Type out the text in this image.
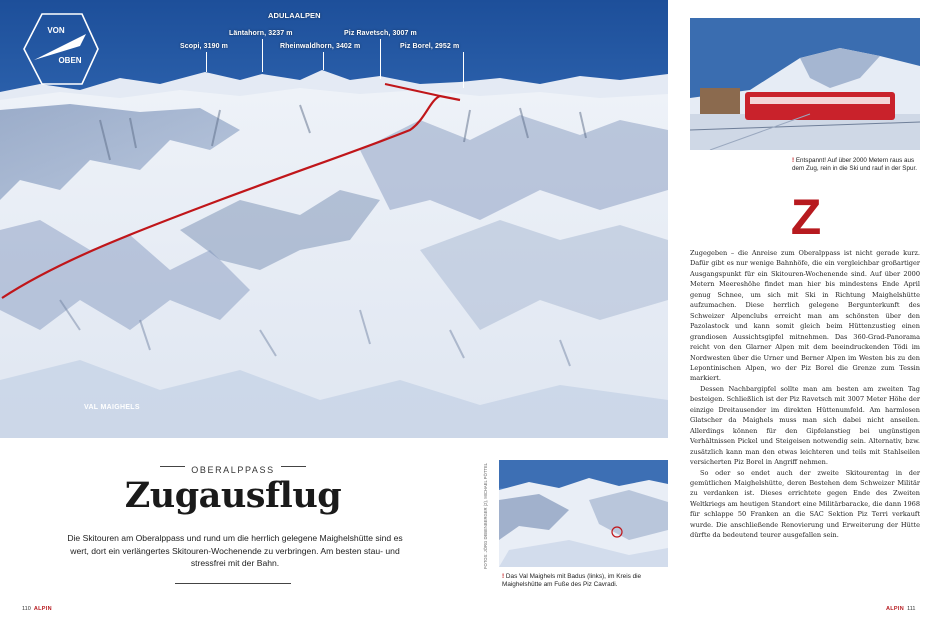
VON
OBEN
ADULAALPEN
Scopi, 3190 m
Läntahorn, 3237 m
Rheinwaldhorn, 3402 m
Piz Ravetsch, 3007 m
Piz Borel, 2952 m
VAL MAIGHELS
OBERALPPASS
Zugausflug
Die Skitouren am Oberalppass und rund um die herrlich gelegene Maighelshütte sind es wert, dort ein verlängertes Skitouren-Wochenende zu verbringen. Am besten stau- und stressfrei mit der Bahn.	FOTOS: JÖRG DEBENBERGER (2), MICHAEL PÖTTEL
! Das Val Maighels mit Badus (links), im Kreis die Maighelshütte am Fuße des Piz Cavradi.
! Entspannt! Auf über 2000 Metern raus aus dem Zug, rein in die Ski und rauf in der Spur.
Z

Zugegeben – die Anreise zum Oberalppass ist nicht gerade kurz. Dafür gibt es nur wenige Bahnhöfe, die ein vergleichbar großartiger Ausgangspunkt für ein Skitouren-Wochenende sind. Auf über 2000 Metern Meereshöhe findet man hier bis mindestens Ende April genug Schnee, um sich mit Ski in Richtung Maighelshütte aufzumachen. Diese herrlich gelegene Bergunterkunft des Schweizer Alpenclubs erreicht man am schönsten über den Pazolastock und kann somit gleich beim Hüttenzustieg einen grandiosen Aussichtsgipfel mitnehmen. Das 360-Grad-Panorama reicht von den Glarner Alpen mit dem beeindruckenden Tödi im Nordwesten über die Urner und Berner Alpen im Westen bis zu den Lepontinischen Alpen, wo der Piz Borel die Grenze zum Tessin markiert.

Dessen Nachbargipfel sollte man am besten am zweiten Tag besteigen. Schließlich ist der Piz Ravetsch mit 3007 Meter Höhe der einzige Dreitausender im direkten Hüttenumfeld. Am harmlosen Glatscher da Maighels muss man sich dabei nicht anseilen. Allerdings können für den Gipfelanstieg bei ungünstigen Verhältnissen Pickel und Steigeisen notwendig sein. Alternativ, bzw. zusätzlich kann man den etwas leichteren und teils mit Stahlseilen versicherten Piz Borel in Angriff nehmen.

So oder so endet auch der zweite Skitourentag in der gemütlichen Maighelshütte, deren Bestehen dem Schweizer Militär zu verdanken ist. Dieses errichtete gegen Ende des Zweiten Weltkriegs am heutigen Standort eine Militärbaracke, die dann 1968 für schlappe 50 Franken an die SAC Sektion Piz Terri verkauft wurde. Die anschließende Renovierung und Erweiterung der Hütte dürfte da bedeutend teurer ausgefallen sein.

110 ALPIN	ALPIN 111
